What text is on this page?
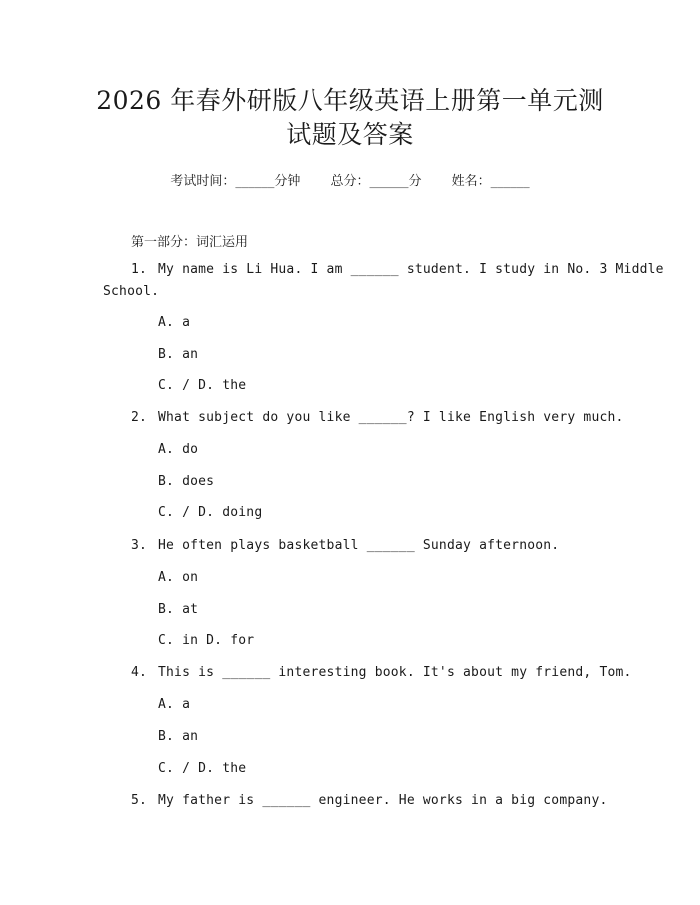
2026 年春外研版八年级英语上册第一单元测
试题及答案
考试时间：______分钟 总分：______分 姓名：______
第一部分：词汇运用
1. My name is Li Hua. I am ______ student. I study in No. 3 Middle
School.
A. a
B. an
C. / D. the
2. What subject do you like ______? I like English very much.
A. do
B. does
C. / D. doing
3. He often plays basketball ______ Sunday afternoon.
A. on
B. at
C. in D. for
4. This is ______ interesting book. It's about my friend, Tom.
A. a
B. an
C. / D. the
5. My father is ______ engineer. He works in a big company.
